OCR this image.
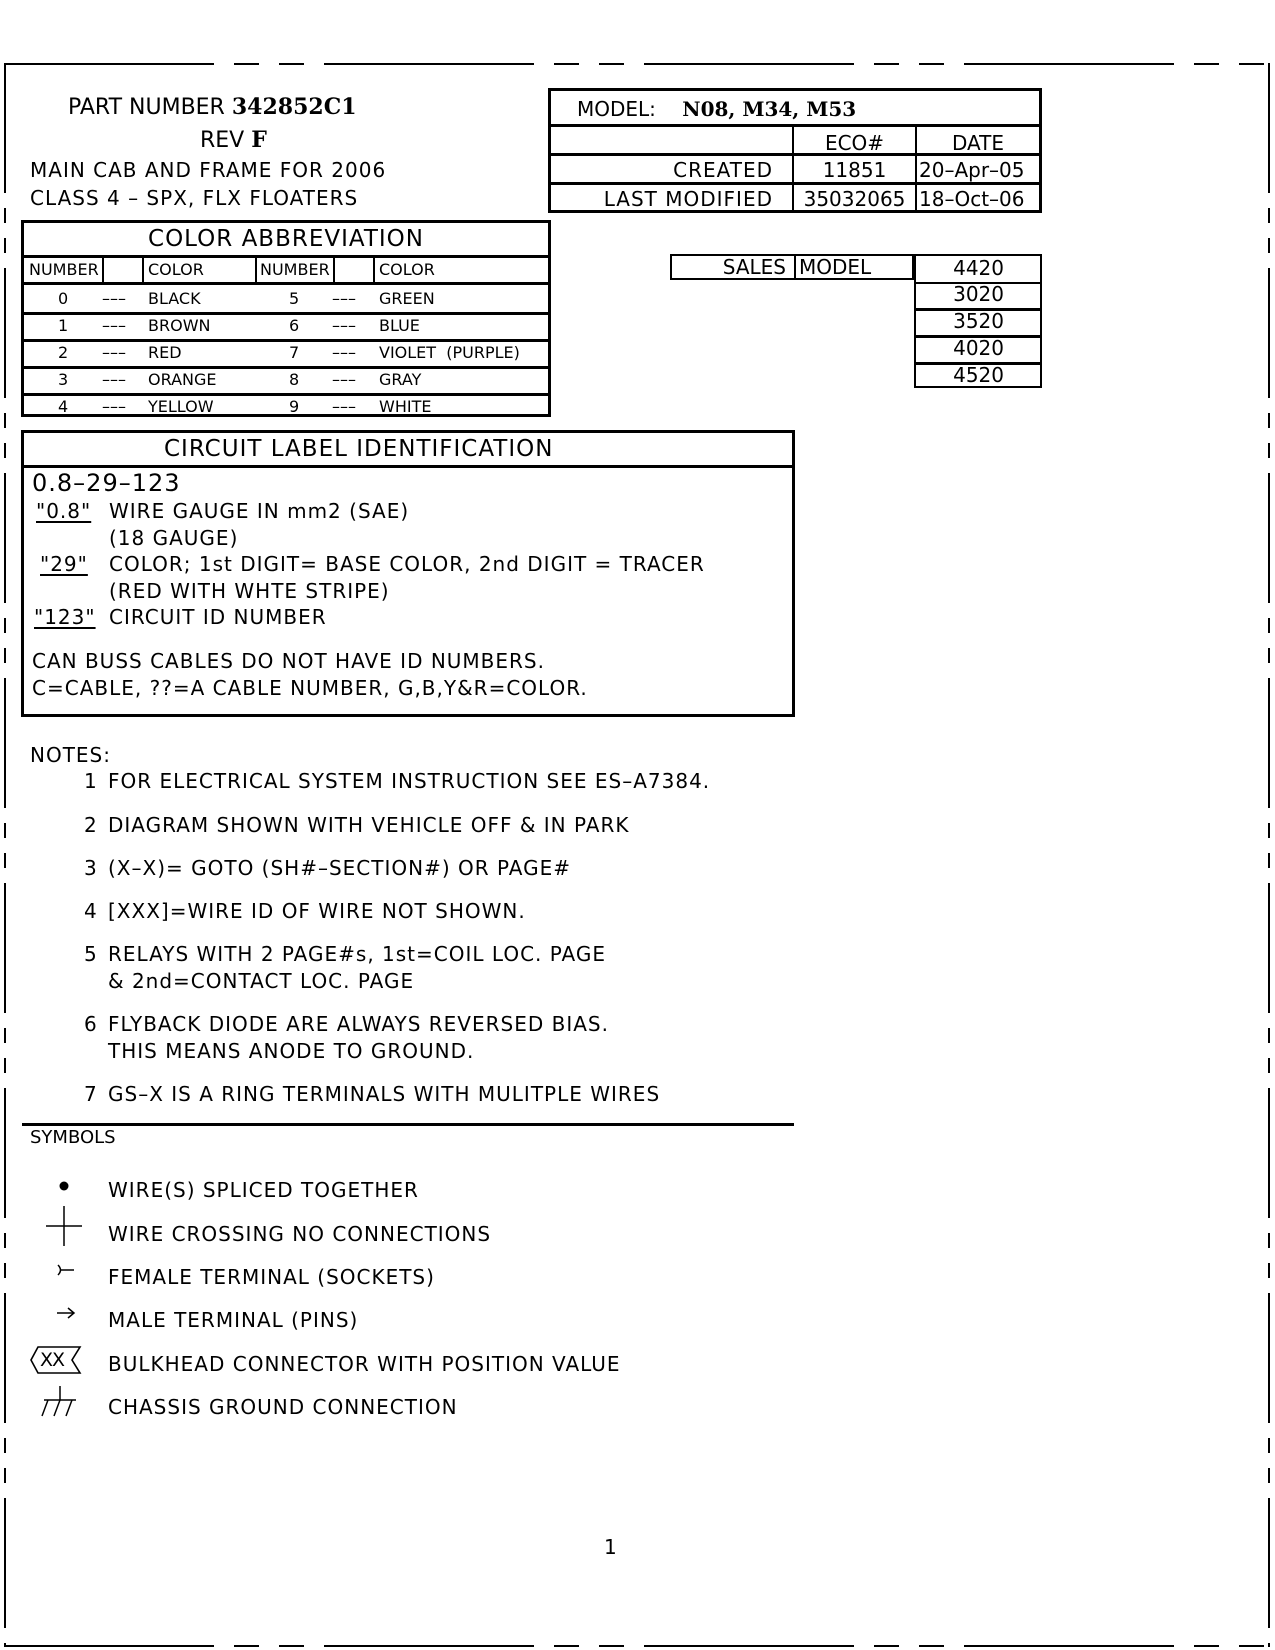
PART NUMBER 342852C1
REV F
MAIN CAB AND FRAME FOR 2006
CLASS 4 – SPX, FLX FLOATERS
MODEL: N08, M34, M53
ECO#	DATE
CREATED	11851	20–Apr–05
LAST MODIFIED	35032065 18–Oct–06
SALES MODEL	4420
3020
3520
4020
4520
COLOR ABBREVIATION
NUMBER	COLOR	NUMBER	COLOR
0 ––– BLACK	5 ––– GREEN
1 ––– BROWN	6 ––– BLUE
2 ––– RED	7 ––– VIOLET  (PURPLE)
3 ––– ORANGE	8 ––– GRAY
4 ––– YELLOW	9 ––– WHITE
CIRCUIT LABEL IDENTIFICATION
0.8–29–123
"0.8" WIRE GAUGE IN mm2 (SAE)
(18 GAUGE)
"29" COLOR; 1st DIGIT= BASE COLOR, 2nd DIGIT = TRACER
(RED WITH WHTE STRIPE)
"123" CIRCUIT ID NUMBER
CAN BUSS CABLES DO NOT HAVE ID NUMBERS.
C=CABLE, ??=A CABLE NUMBER, G,B,Y&R=COLOR.
NOTES:
1 FOR ELECTRICAL SYSTEM INSTRUCTION SEE ES–A7384.
2 DIAGRAM SHOWN WITH VEHICLE OFF & IN PARK
3 (X–X)= GOTO (SH#–SECTION#) OR PAGE#
4 [XXX]=WIRE ID OF WIRE NOT SHOWN.
5 RELAYS WITH 2 PAGE#s, 1st=COIL LOC. PAGE
& 2nd=CONTACT LOC. PAGE
6 FLYBACK DIODE ARE ALWAYS REVERSED BIAS.
THIS MEANS ANODE TO GROUND.
7 GS–X IS A RING TERMINALS WITH MULITPLE WIRES
SYMBOLS
WIRE(S) SPLICED TOGETHER
WIRE CROSSING NO CONNECTIONS
FEMALE TERMINAL (SOCKETS)
MALE TERMINAL (PINS)
XX BULKHEAD CONNECTOR WITH POSITION VALUE
CHASSIS GROUND CONNECTION
1
